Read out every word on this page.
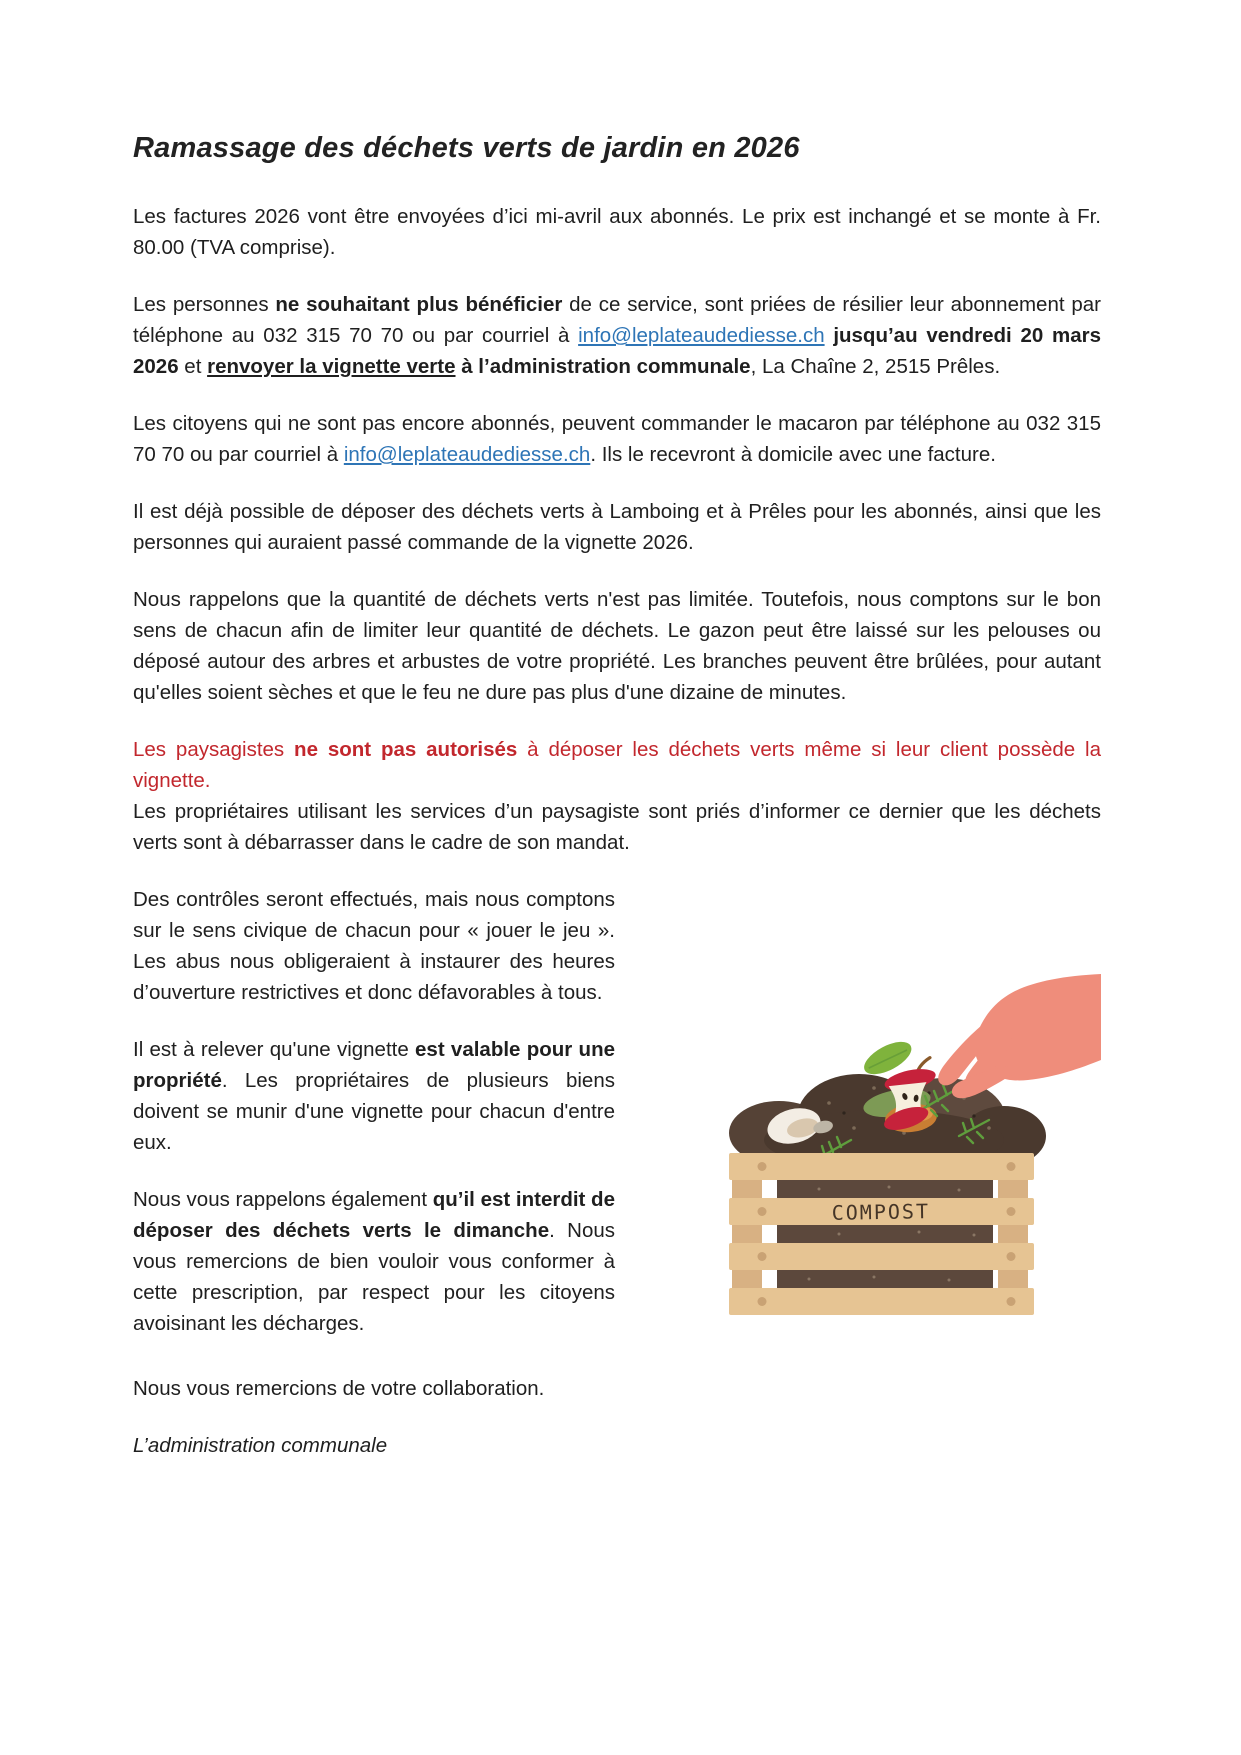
Ramassage des déchets verts de jardin en 2026

Les factures 2026 vont être envoyées d’ici mi-avril aux abonnés. Le prix est inchangé et se monte à Fr. 80.00 (TVA comprise).

Les personnes ne souhaitant plus bénéficier de ce service, sont priées de résilier leur abonnement par téléphone au 032 315 70 70 ou par courriel à info@leplateaudediesse.ch jusqu’au vendredi 20 mars 2026 et renvoyer la vignette verte à l’administration communale, La Chaîne 2, 2515 Prêles.

Les citoyens qui ne sont pas encore abonnés, peuvent commander le macaron par téléphone au 032 315 70 70 ou par courriel à info@leplateaudediesse.ch. Ils le recevront à domicile avec une facture.

Il est déjà possible de déposer des déchets verts à Lamboing et à Prêles pour les abonnés, ainsi que les personnes qui auraient passé commande de la vignette 2026.

Nous rappelons que la quantité de déchets verts n'est pas limitée. Toutefois, nous comptons sur le bon sens de chacun afin de limiter leur quantité de déchets. Le gazon peut être laissé sur les pelouses ou déposé autour des arbres et arbustes de votre propriété. Les branches peuvent être brûlées, pour autant qu'elles soient sèches et que le feu ne dure pas plus d'une dizaine de minutes.

Les paysagistes ne sont pas autorisés à déposer les déchets verts même si leur client possède la vignette.

Les propriétaires utilisant les services d’un paysagiste sont priés d’informer ce dernier que les déchets verts sont à débarrasser dans le cadre de son mandat.

Des contrôles seront effectués, mais nous comptons sur le sens civique de chacun pour « jouer le jeu ». Les abus nous obligeraient à instaurer des heures d’ouverture restrictives et donc défavorables à tous.

Il est à relever qu'une vignette est valable pour une propriété. Les propriétaires de plusieurs biens doivent se munir d'une vignette pour chacun d'entre eux.

Nous vous rappelons également qu’il est interdit de déposer des déchets verts le dimanche. Nous vous remercions de bien vouloir vous conformer à cette prescription, par respect pour les citoyens avoisinant les décharges.

COMPOST

Nous vous remercions de votre collaboration.

L’administration communale
